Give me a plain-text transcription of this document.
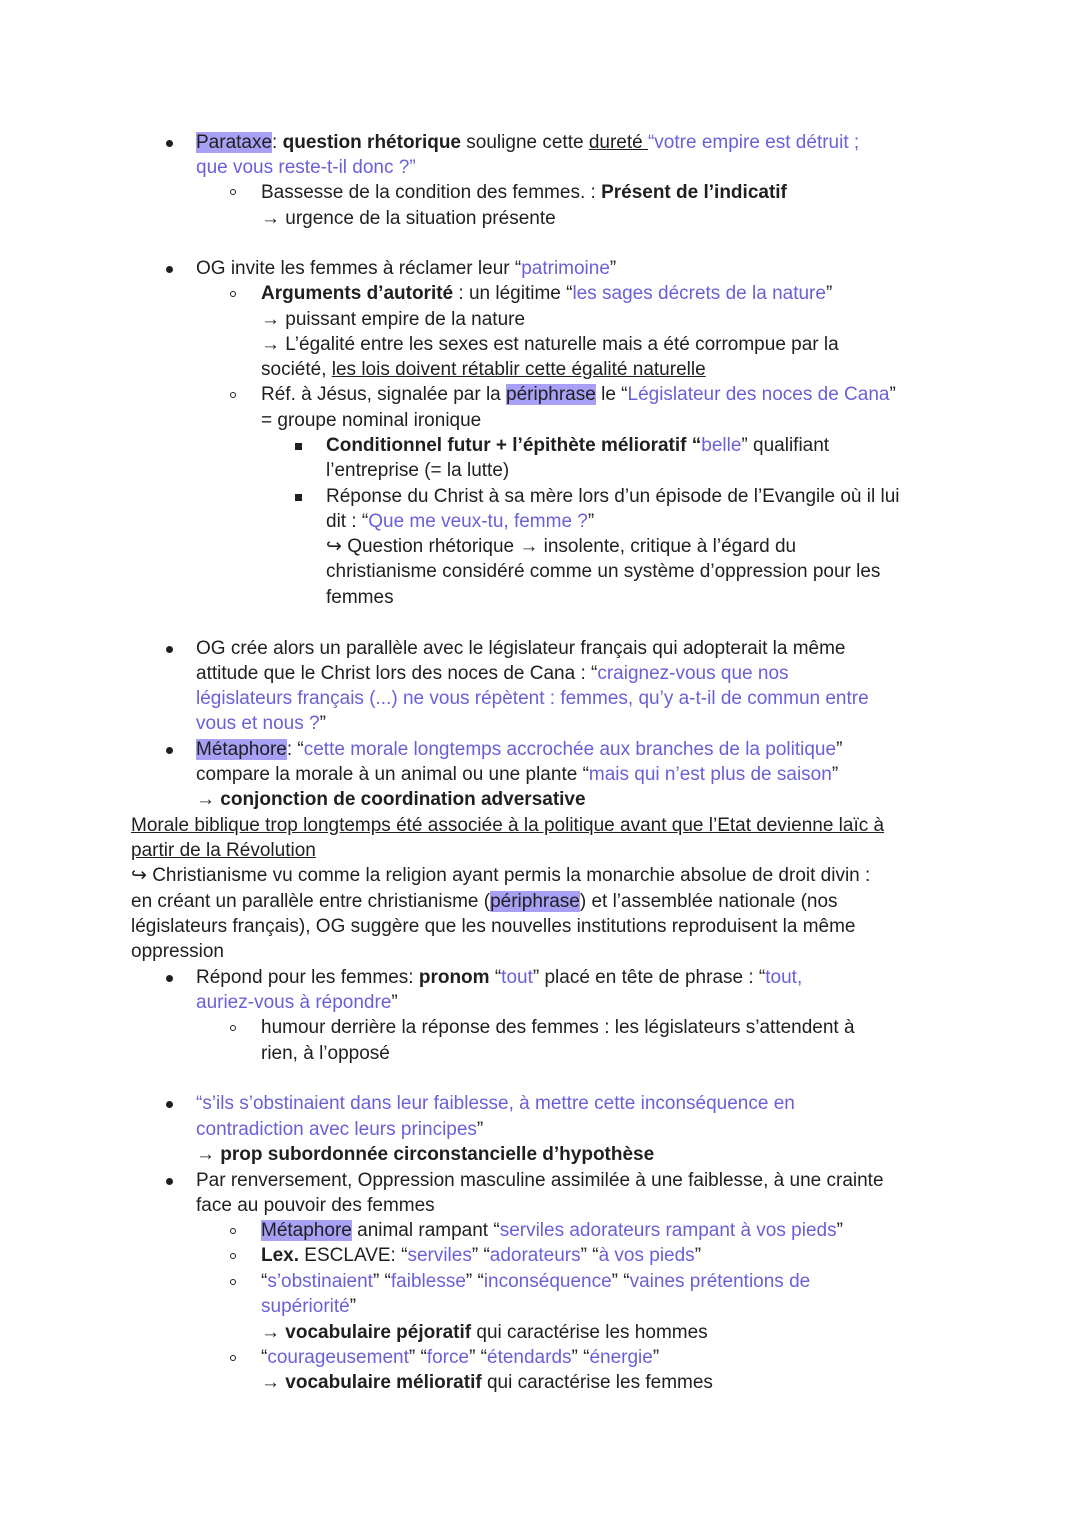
Parataxe: question rhétorique souligne cette dureté “votre empire est détruit ;
que vous reste-t-il donc ?”
Bassesse de la condition des femmes. : Présent de l’indicatif
→ urgence de la situation présente
OG invite les femmes à réclamer leur “patrimoine”
Arguments d’autorité : un légitime “les sages décrets de la nature”
→ puissant empire de la nature
→ L’égalité entre les sexes est naturelle mais a été corrompue par la
société, les lois doivent rétablir cette égalité naturelle
Réf. à Jésus, signalée par la périphrase le “Législateur des noces de Cana”
= groupe nominal ironique
Conditionnel futur + l’épithète mélioratif “belle” qualifiant
l’entreprise (= la lutte)
Réponse du Christ à sa mère lors d’un épisode de l’Evangile où il lui
dit : “Que me veux-tu, femme ?”
↪ Question rhétorique → insolente, critique à l’égard du
christianisme considéré comme un système d’oppression pour les
femmes
OG crée alors un parallèle avec le législateur français qui adopterait la même
attitude que le Christ lors des noces de Cana : “craignez-vous que nos
législateurs français (...) ne vous répètent : femmes, qu’y a-t-il de commun entre
vous et nous ?”
Métaphore: “cette morale longtemps accrochée aux branches de la politique”
compare la morale à un animal ou une plante “mais qui n’est plus de saison”
→ conjonction de coordination adversative
Morale biblique trop longtemps été associée à la politique avant que l’Etat devienne laïc à
partir de la Révolution
↪ Christianisme vu comme la religion ayant permis la monarchie absolue de droit divin :
en créant un parallèle entre christianisme (périphrase) et l’assemblée nationale (nos
législateurs français), OG suggère que les nouvelles institutions reproduisent la même
oppression
Répond pour les femmes: pronom “tout” placé en tête de phrase : “tout,
auriez-vous à répondre”
humour derrière la réponse des femmes : les législateurs s’attendent à
rien, à l’opposé
“s’ils s’obstinaient dans leur faiblesse, à mettre cette inconséquence en
contradiction avec leurs principes”
→ prop subordonnée circonstancielle d’hypothèse
Par renversement, Oppression masculine assimilée à une faiblesse, à une crainte
face au pouvoir des femmes
Métaphore animal rampant “serviles adorateurs rampant à vos pieds”
Lex. ESCLAVE: “serviles” “adorateurs” “à vos pieds”
“s’obstinaient” “faiblesse” “inconséquence” “vaines prétentions de
supériorité”
→ vocabulaire péjoratif qui caractérise les hommes
“courageusement” “force” “étendards” “énergie”
→ vocabulaire mélioratif qui caractérise les femmes
